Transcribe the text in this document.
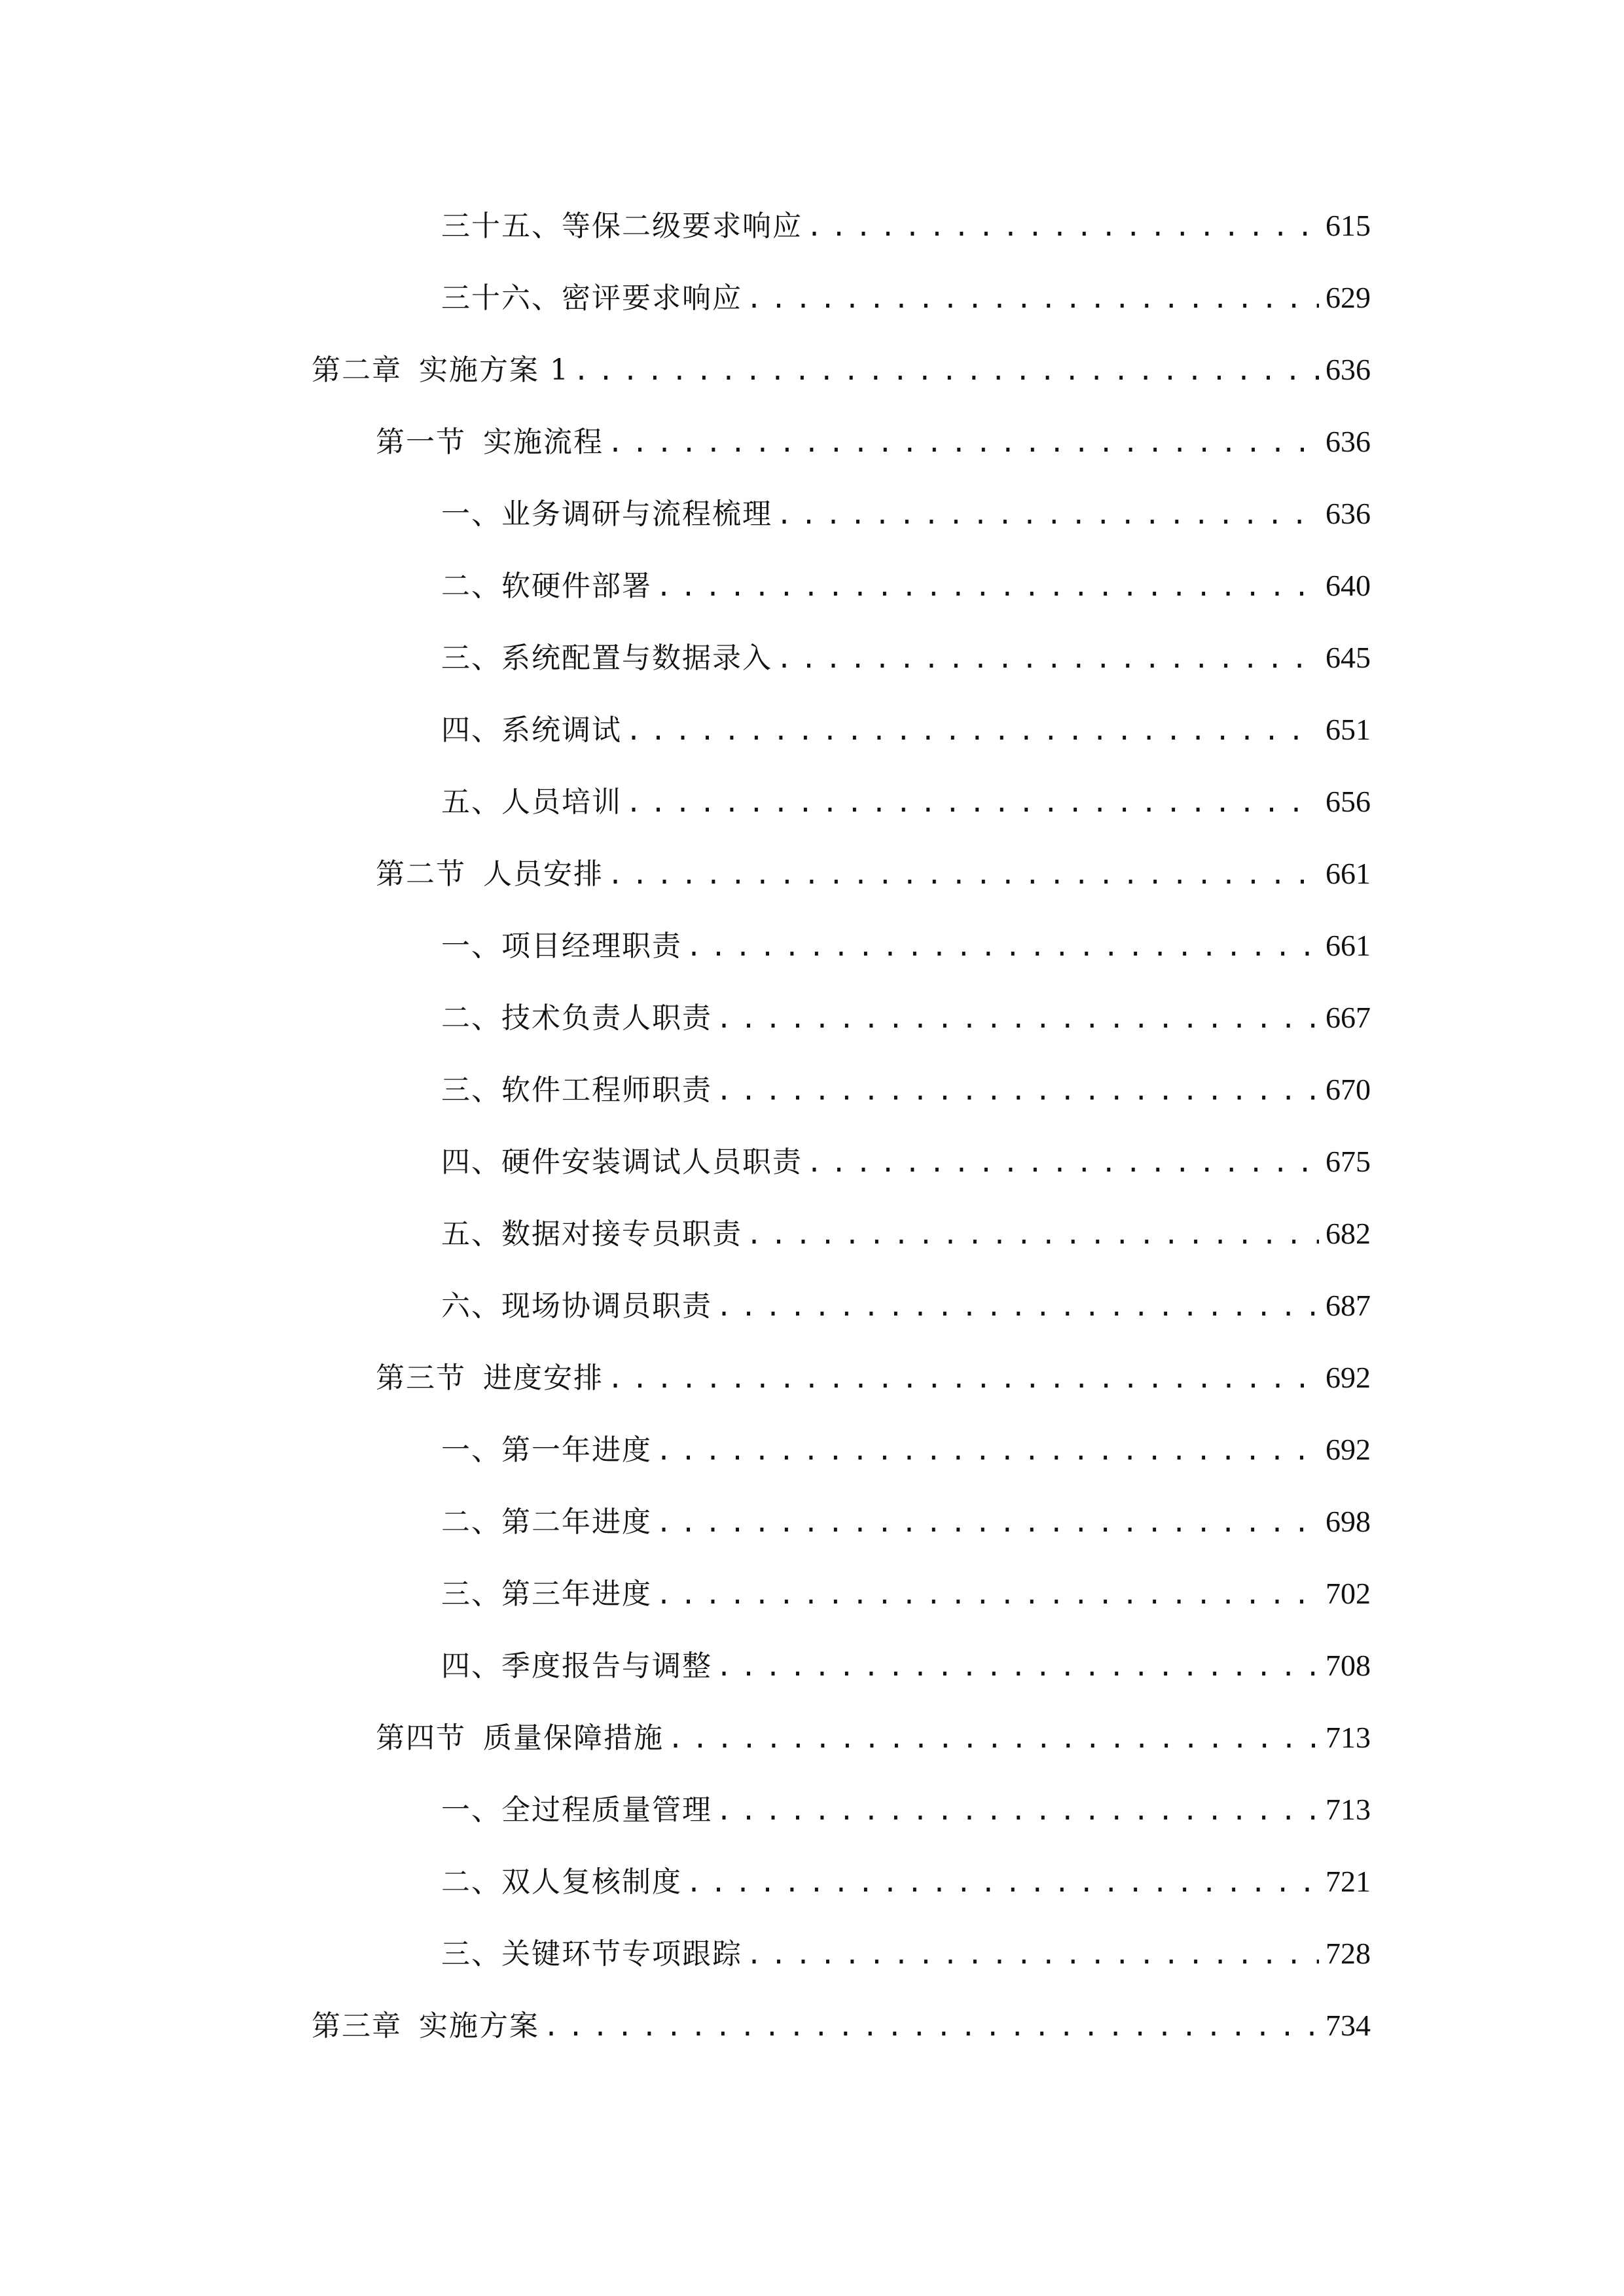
三十五、 等保二级要求响应 .....	615
三十六、 密评要求响应 .....	629
第二章 实施方案 1 .....	636
第一节 实施流程 .....	636
一、 业务调研与流程梳理 .....	636
二、 软硬件部署 .....	640
三、 系统配置与数据录入 .....	645
四、 系统调试 .....	651
五、 人员培训 .....	656
第二节 人员安排 .....	661
一、 项目经理职责 .....	661
二、 技术负责人职责 .....	667
三、 软件工程师职责 .....	670
四、 硬件安装调试人员职责 .....	675
五、 数据对接专员职责 .....	682
六、 现场协调员职责 .....	687
第三节 进度安排 .....	692
一、 第一年进度 .....	692
二、 第二年进度 .....	698
三、 第三年进度 .....	702
四、 季度报告与调整 .....	708
第四节 质量保障措施 .....	713
一、 全过程质量管理 .....	713
二、 双人复核制度 .....	721
三、 关键环节专项跟踪 .....	728
第三章 实施方案 .....	734
